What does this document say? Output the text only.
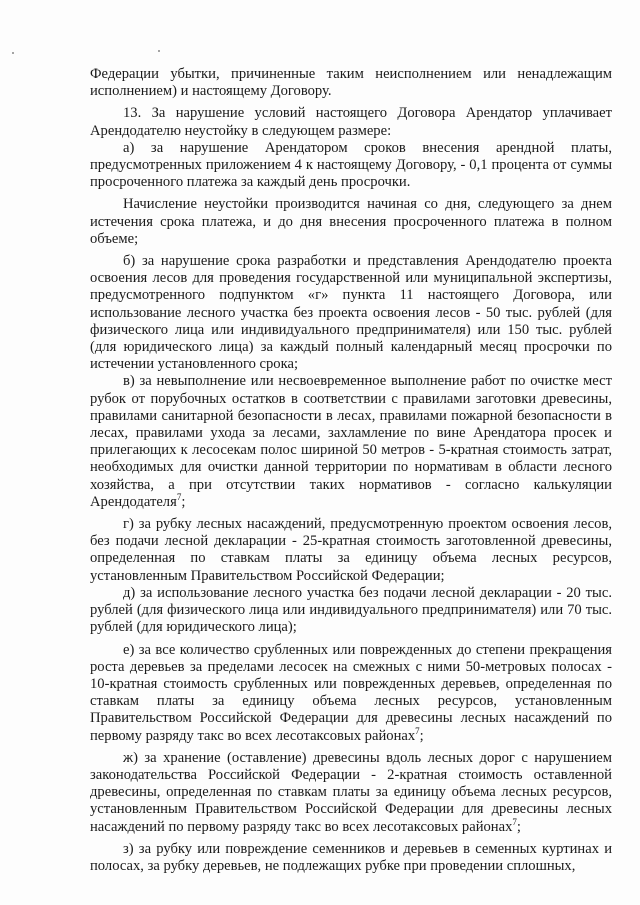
Федерации убытки, причиненные таким неисполнением или ненадлежащим исполнением) и настоящему Договору.

13. За нарушение условий настоящего Договора Арендатор уплачивает Арендодателю неустойку в следующем размере:

а) за нарушение Арендатором сроков внесения арендной платы, предусмотренных приложением 4 к настоящему Договору, - 0,1 процента от суммы просроченного платежа за каждый день просрочки.

Начисление неустойки производится начиная со дня, следующего за днем истечения срока платежа, и до дня внесения просроченного платежа в полном объеме;

б) за нарушение срока разработки и представления Арендодателю проекта освоения лесов для проведения государственной или муниципальной экспертизы, предусмотренного подпунктом «г» пункта 11 настоящего Договора, или использование лесного участка без проекта освоения лесов - 50 тыс. рублей (для физического лица или индивидуального предпринимателя) или 150 тыс. рублей (для юридического лица) за каждый полный календарный месяц просрочки по истечении установленного срока;

в) за невыполнение или несвоевременное выполнение работ по очистке мест рубок от порубочных остатков в соответствии с правилами заготовки древесины, правилами санитарной безопасности в лесах, правилами пожарной безопасности в лесах, правилами ухода за лесами, захламление по вине Арендатора просек и прилегающих к лесосекам полос шириной 50 метров - 5-кратная стоимость затрат, необходимых для очистки данной территории по нормативам в области лесного хозяйства, а при отсутствии таких нормативов - согласно калькуляции Арендодателя$^7$;

г) за рубку лесных насаждений, предусмотренную проектом освоения лесов, без подачи лесной декларации - 25-кратная стоимость заготовленной древесины, определенная по ставкам платы за единицу объема лесных ресурсов, установленным Правительством Российской Федерации;

д) за использование лесного участка без подачи лесной декларации - 20 тыс. рублей (для физического лица или индивидуального предпринимателя) или 70 тыс. рублей (для юридического лица);

е) за все количество срубленных или поврежденных до степени прекращения роста деревьев за пределами лесосек на смежных с ними 50-метровых полосах - 10-кратная стоимость срубленных или поврежденных деревьев, определенная по ставкам платы за единицу объема лесных ресурсов, установленным Правительством Российской Федерации для древесины лесных насаждений по первому разряду такс во всех лесотаксовых районах$^7$;

ж) за хранение (оставление) древесины вдоль лесных дорог с нарушением законодательства Российской Федерации - 2-кратная стоимость оставленной древесины, определенная по ставкам платы за единицу объема лесных ресурсов, установленным Правительством Российской Федерации для древесины лесных насаждений по первому разряду такс во всех лесотаксовых районах$^7$;

з) за рубку или повреждение семенников и деревьев в семенных куртинах и полосах, за рубку деревьев, не подлежащих рубке при проведении сплошных,
